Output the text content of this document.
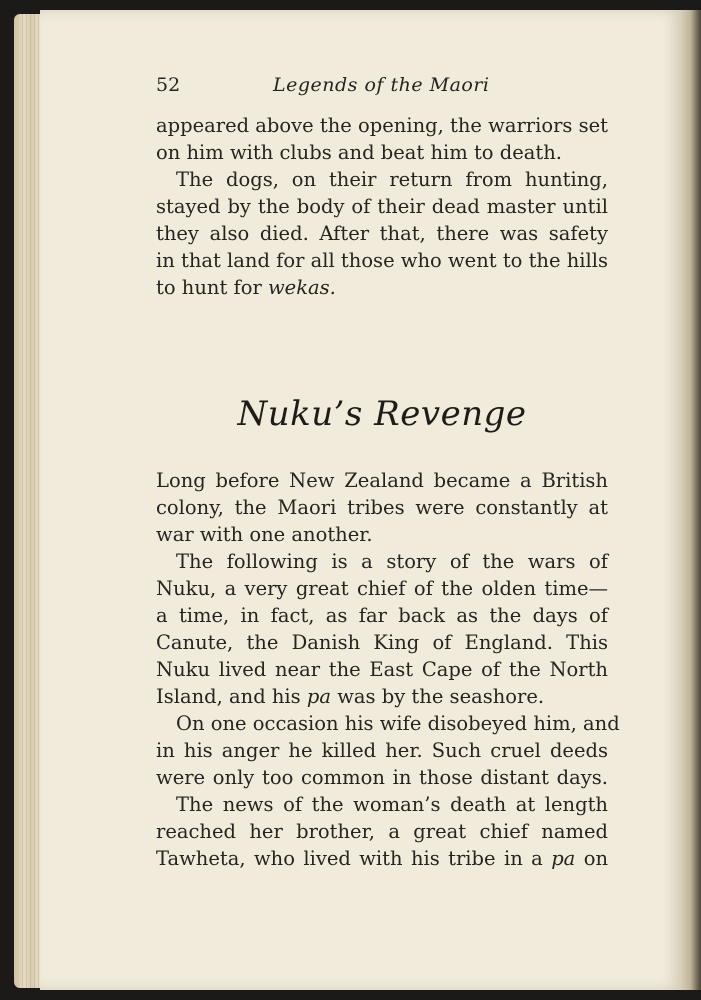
52	Legends of the Maori
appeared above the opening, the warriors set
on him with clubs and beat him to death.
The dogs, on their return from hunting,
stayed by the body of their dead master until
they also died. After that, there was safety
in that land for all those who went to the hills
to hunt for wekas.
Nuku’s Revenge
Long before New Zealand became a British
colony, the Maori tribes were constantly at
war with one another.
The following is a story of the wars of
Nuku, a very great chief of the olden time—
a time, in fact, as far back as the days of
Canute, the Danish King of England. This
Nuku lived near the East Cape of the North
Island, and his pa was by the seashore.
On one occasion his wife disobeyed him, and
in his anger he killed her. Such cruel deeds
were only too common in those distant days.
The news of the woman’s death at length
reached her brother, a great chief named
Tawheta, who lived with his tribe in a pa on
